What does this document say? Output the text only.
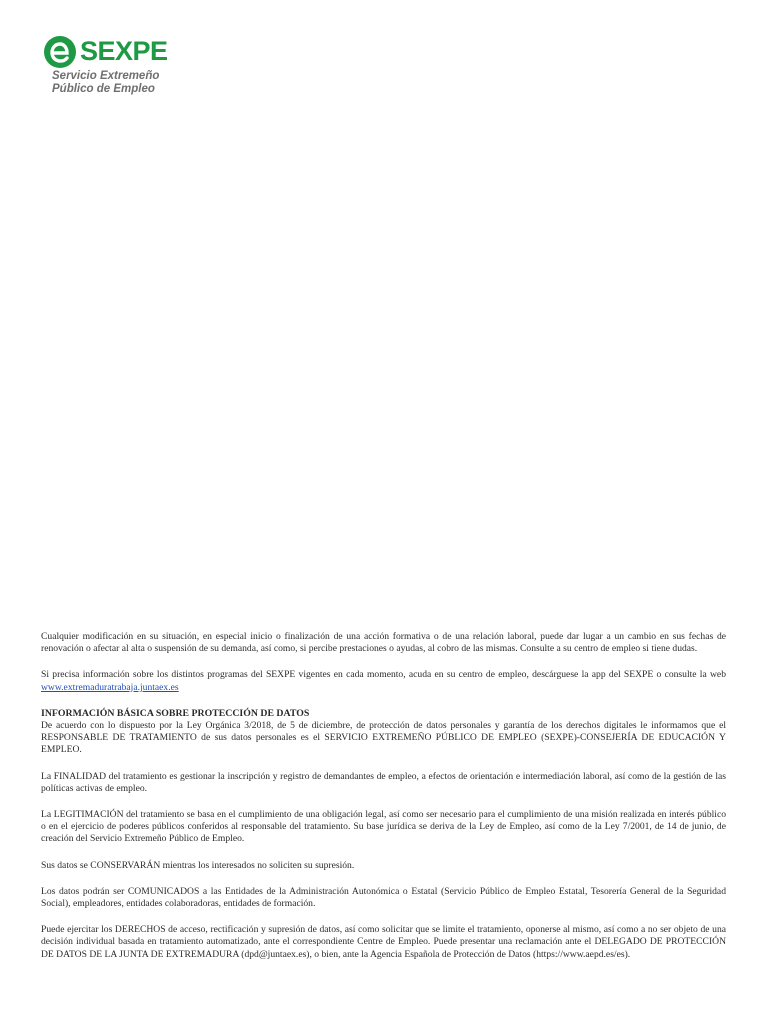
SEXPE
Servicio Extremeño
Público de Empleo

Cualquier modificación en su situación, en especial inicio o finalización de una acción formativa o de una relación laboral, puede dar lugar a un cambio en sus fechas de renovación o afectar al alta o suspensión de su demanda, así como, si percibe prestaciones o ayudas, al cobro de las mismas. Consulte a su centro de empleo si tiene dudas.

Si precisa información sobre los distintos programas del SEXPE vigentes en cada momento, acuda en su centro de empleo, descárguese la app del SEXPE o consulte la web www.extremaduratrabaja.juntaex.es

INFORMACIÓN BÁSICA SOBRE PROTECCIÓN DE DATOS
De acuerdo con lo dispuesto por la Ley Orgánica 3/2018, de 5 de diciembre, de protección de datos personales y garantía de los derechos digitales le informamos que el RESPONSABLE DE TRATAMIENTO de sus datos personales es el SERVICIO EXTREMEÑO PÚBLICO DE EMPLEO (SEXPE)-CONSEJERÍA DE EDUCACIÓN Y EMPLEO.

La FINALIDAD del tratamiento es gestionar la inscripción y registro de demandantes de empleo, a efectos de orientación e intermediación laboral, así como de la gestión de las políticas activas de empleo.

La LEGITIMACIÓN del tratamiento se basa en el cumplimiento de una obligación legal, así como ser necesario para el cumplimiento de una misión realizada en interés público o en el ejercicio de poderes públicos conferidos al responsable del tratamiento. Su base jurídica se deriva de la Ley de Empleo, así como de la Ley 7/2001, de 14 de junio, de creación del Servicio Extremeño Público de Empleo.

Sus datos se CONSERVARÁN mientras los interesados no soliciten su supresión.

Los datos podrán ser COMUNICADOS a las Entidades de la Administración Autonómica o Estatal (Servicio Público de Empleo Estatal, Tesorería General de la Seguridad Social), empleadores, entidades colaboradoras, entidades de formación.

Puede ejercitar los DERECHOS de acceso, rectificación y supresión de datos, así como solicitar que se limite el tratamiento, oponerse al mismo, así como a no ser objeto de una decisión individual basada en tratamiento automatizado, ante el correspondiente Centre de Empleo. Puede presentar una reclamación ante el DELEGADO DE PROTECCIÓN DE DATOS DE LA JUNTA DE EXTREMADURA (dpd@juntaex.es), o bien, ante la Agencia Española de Protección de Datos (https://www.aepd.es/es).
